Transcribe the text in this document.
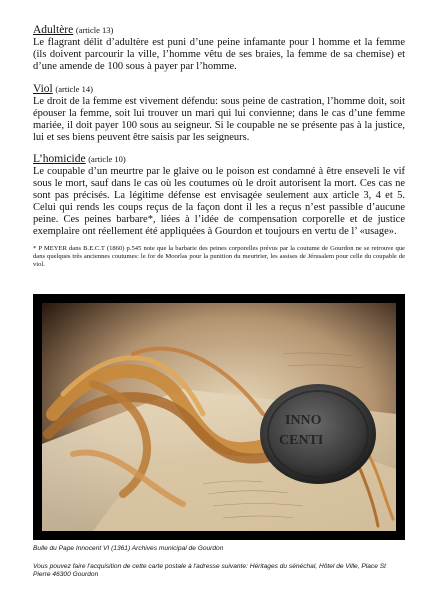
Adultère (article 13)
Le flagrant délit d’adultère est puni d’une peine infamante pour l homme et la femme (ils doivent parcourir la ville, l’homme vêtu de ses braies, la femme de sa chemise) et d’une amende de 100 sous à payer par l’homme.
Viol (article 14)
Le droit de la femme est vivement défendu: sous peine de castration, l’homme doit, soit épouser la femme, soit lui trouver un mari qui lui convienne; dans le cas d’une femme mariée, il doit payer 100 sous au seigneur. Si le coupable ne se présente pas à la justice, lui et ses biens peuvent être saisis par les seigneurs.
L’homicide (article 10)
Le coupable d’un meurtre par le glaive ou le poison est condamné à être enseveli le vif sous le mort, sauf dans le cas où les coutumes où le droit autorisent la mort. Ces cas ne sont pas précisés. La légitime défense est envisagée seulement aux article 3, 4 et 5. Celui qui rends les coups reçus de la façon dont il les a reçus n’est passible d’aucune peine. Ces peines barbare*, liées à l’idée de compensation corporelle et de justice exemplaire ont réellement été appliquées à Gourdon et toujours en vertu de l’ «usage».
* P MEYER dans B.E.C.T (1860) p.545 note que la barbarie des peines corporelles prévus par la coutume de Gourdon ne se retrouve que dans quelques très anciennes coutumes: le for de Moorlas pour la punition du meurtrier, les assises de Jérusalem pour celle du coupable de viol.
INNO
CENTI
Bulle du Pape Innocent VI (1361) Archives municipal de Gourdon
Vous pouvez faire l'acquisition de cette carte postale à l'adresse suivante: Héritages du sénéchal, Hôtel de Ville, Place St Pierre 46300 Gourdon
